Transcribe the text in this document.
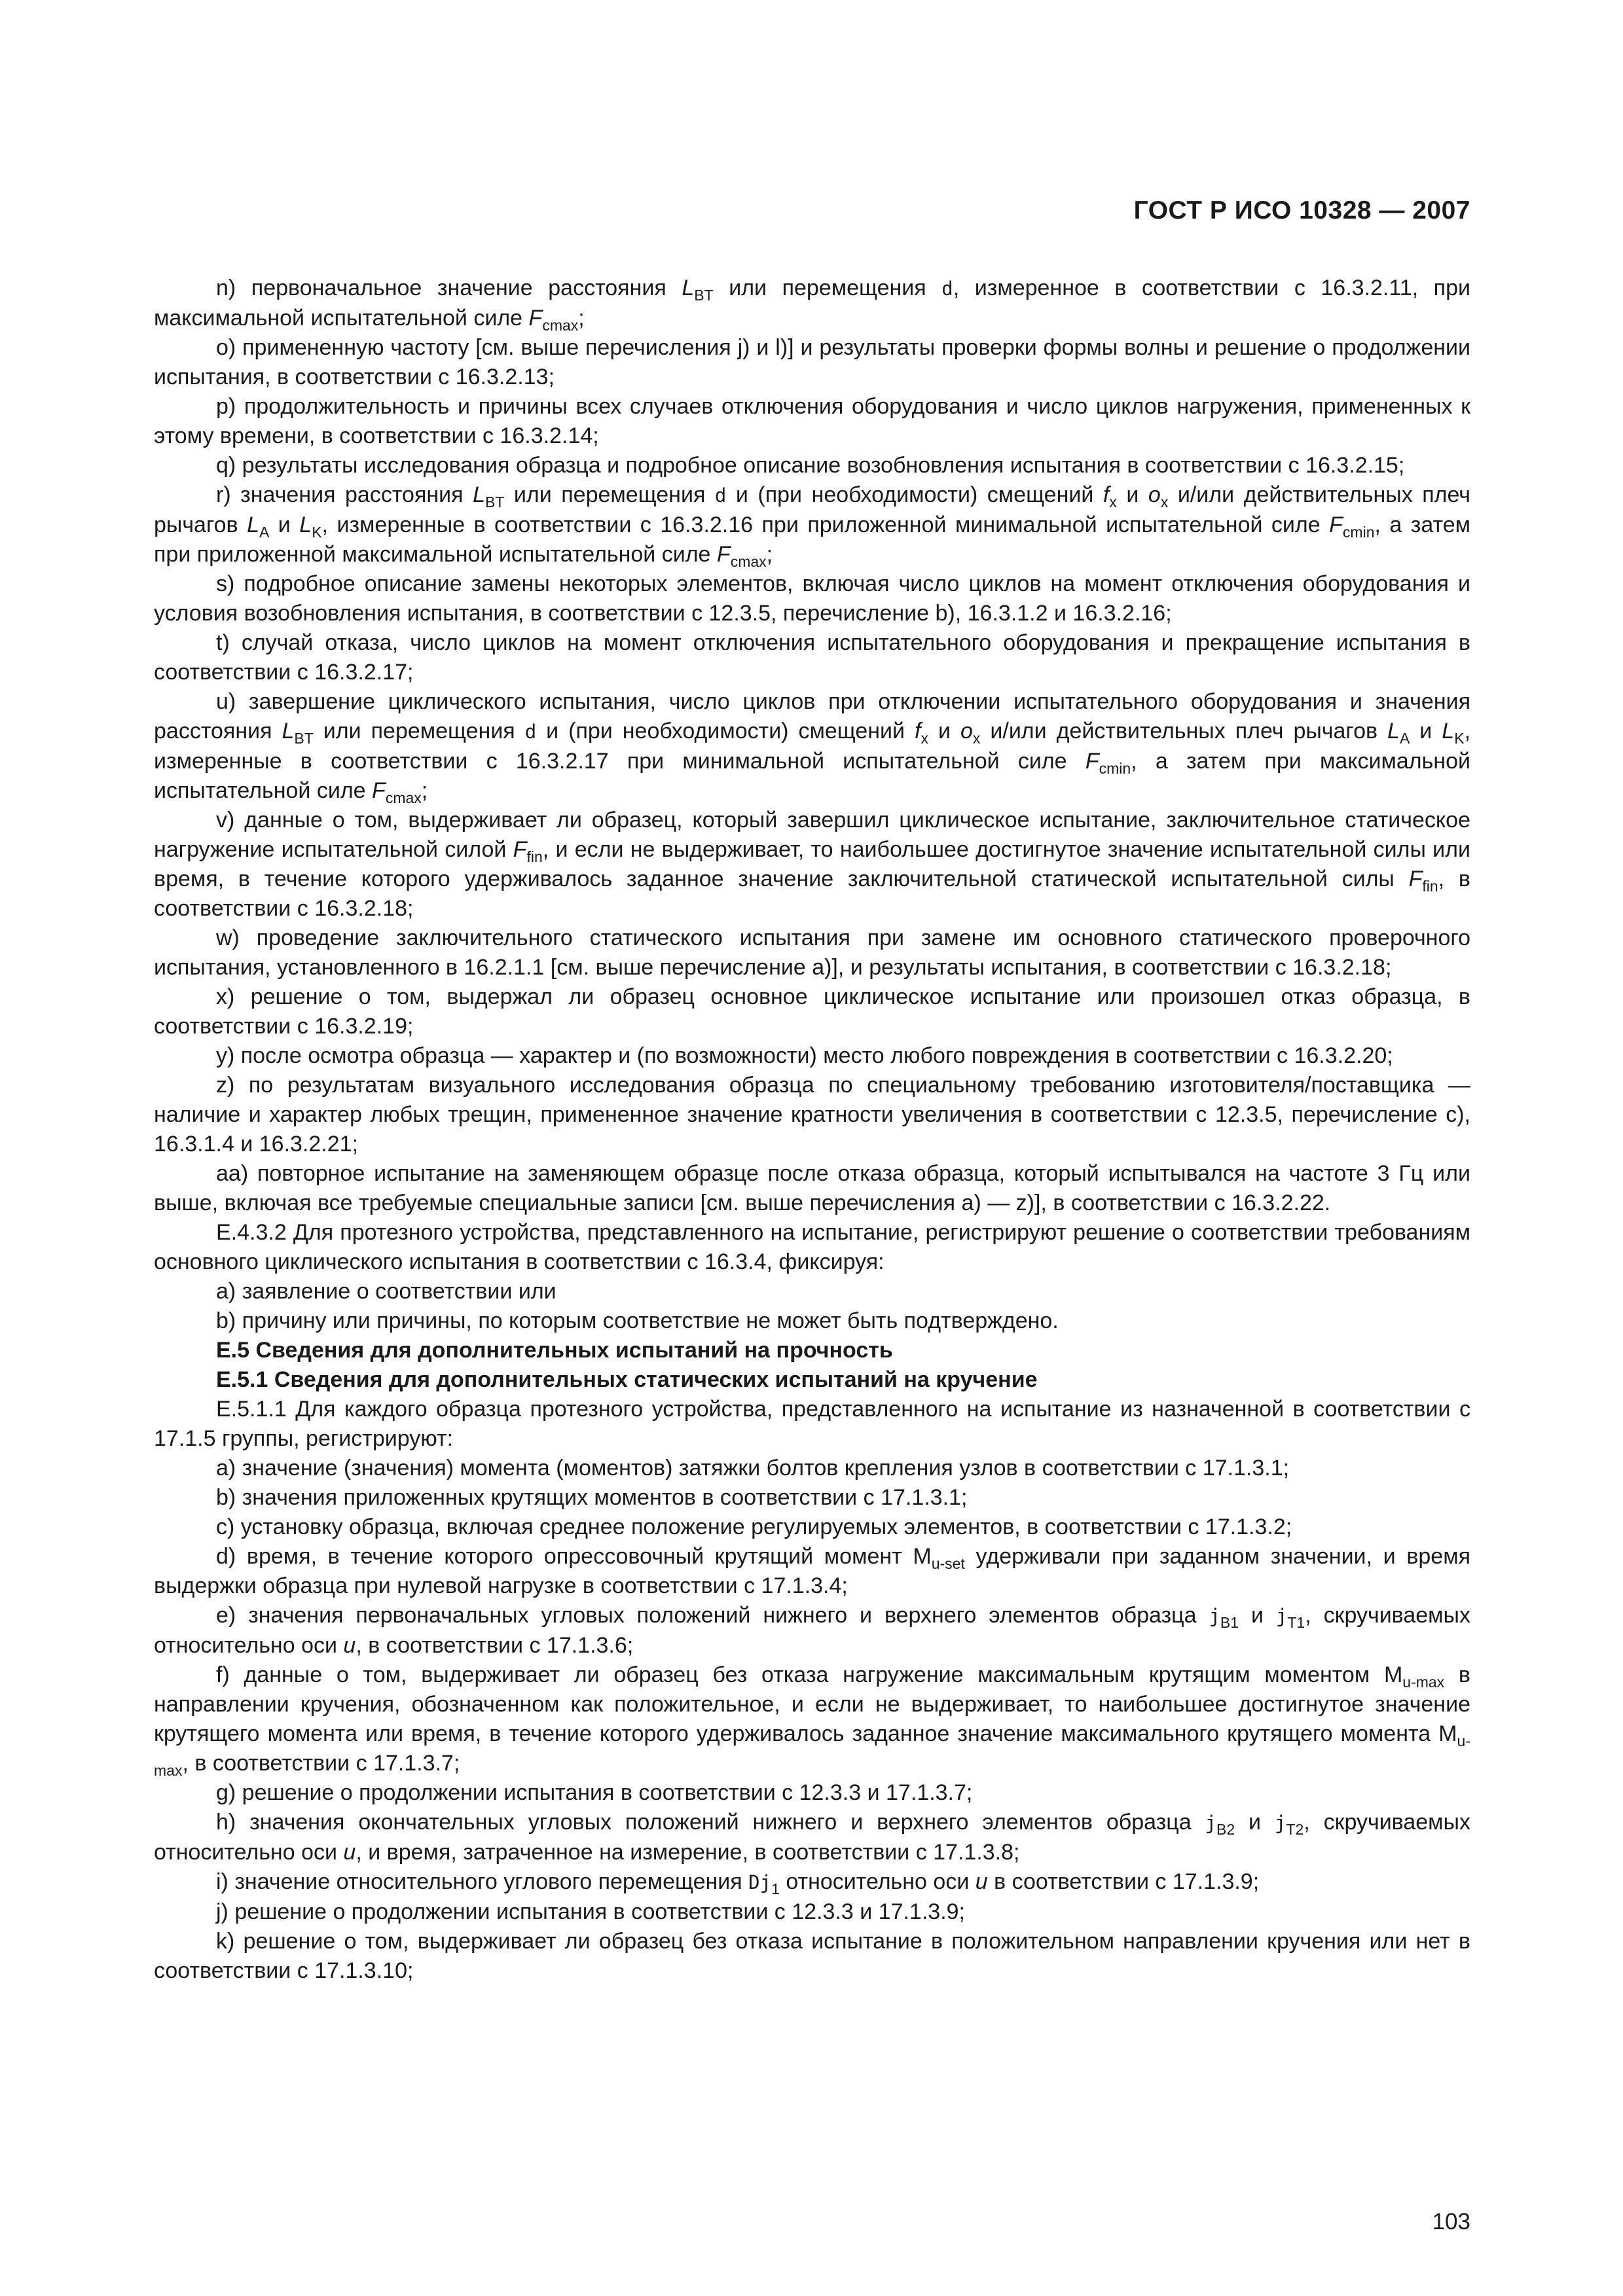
ГОСТ Р ИСО 10328 — 2007

n) первоначальное значение расстояния $L_{BT}$ или перемещения d, измеренное в соответствии с 16.3.2.11, при максимальной испытательной силе $F_{cmax}$;

o) примененную частоту [см. выше перечисления j) и l)] и результаты проверки формы волны и решение о продолжении испытания, в соответствии с 16.3.2.13;

p) продолжительность и причины всех случаев отключения оборудования и число циклов нагружения, примененных к этому времени, в соответствии с 16.3.2.14;

q) результаты исследования образца и подробное описание возобновления испытания в соответствии с 16.3.2.15;

r) значения расстояния $L_{BT}$ или перемещения d и (при необходимости) смещений $f_x$ и $o_x$ и/или действительных плеч рычагов $L_A$ и $L_K$, измеренные в соответствии с 16.3.2.16 при приложенной минимальной испытательной силе $F_{cmin}$, а затем при приложенной максимальной испытательной силе $F_{cmax}$;

s) подробное описание замены некоторых элементов, включая число циклов на момент отключения оборудования и условия возобновления испытания, в соответствии с 12.3.5, перечисление b), 16.3.1.2 и 16.3.2.16;

t) случай отказа, число циклов на момент отключения испытательного оборудования и прекращение испытания в соответствии с 16.3.2.17;

u) завершение циклического испытания, число циклов при отключении испытательного оборудования и значения расстояния $L_{BT}$ или перемещения d и (при необходимости) смещений $f_x$ и $o_x$ и/или действительных плеч рычагов $L_A$ и $L_K$, измеренные в соответствии с 16.3.2.17 при минимальной испытательной силе $F_{cmin}$, а затем при максимальной испытательной силе $F_{cmax}$;

v) данные о том, выдерживает ли образец, который завершил циклическое испытание, заключительное статическое нагружение испытательной силой $F_{fin}$, и если не выдерживает, то наибольшее достигнутое значение испытательной силы или время, в течение которого удерживалось заданное значение заключительной статической испытательной силы $F_{fin}$, в соответствии с 16.3.2.18;

w) проведение заключительного статического испытания при замене им основного статического проверочного испытания, установленного в 16.2.1.1 [см. выше перечисление a)], и результаты испытания, в соответствии с 16.3.2.18;

x) решение о том, выдержал ли образец основное циклическое испытание или произошел отказ образца, в соответствии с 16.3.2.19;

y) после осмотра образца — характер и (по возможности) место любого повреждения в соответствии с 16.3.2.20;

z) по результатам визуального исследования образца по специальному требованию изготовителя/поставщика — наличие и характер любых трещин, примененное значение кратности увеличения в соответствии с 12.3.5, перечисление c), 16.3.1.4 и 16.3.2.21;

aa) повторное испытание на заменяющем образце после отказа образца, который испытывался на частоте 3 Гц или выше, включая все требуемые специальные записи [см. выше перечисления a) — z)], в соответствии с 16.3.2.22.

E.4.3.2 Для протезного устройства, представленного на испытание, регистрируют решение о соответствии требованиям основного циклического испытания в соответствии с 16.3.4, фиксируя:

a) заявление о соответствии или

b) причину или причины, по которым соответствие не может быть подтверждено.

E.5 Сведения для дополнительных испытаний на прочность

E.5.1 Сведения для дополнительных статических испытаний на кручение

E.5.1.1 Для каждого образца протезного устройства, представленного на испытание из назначенной в соответствии с 17.1.5 группы, регистрируют:

a) значение (значения) момента (моментов) затяжки болтов крепления узлов в соответствии с 17.1.3.1;

b) значения приложенных крутящих моментов в соответствии с 17.1.3.1;

c) установку образца, включая среднее положение регулируемых элементов, в соответствии с 17.1.3.2;

d) время, в течение которого опрессовочный крутящий момент $M_{u-set}$ удерживали при заданном значении, и время выдержки образца при нулевой нагрузке в соответствии с 17.1.3.4;

e) значения первоначальных угловых положений нижнего и верхнего элементов образца $j_{B1}$ и $j_{T1}$, скручиваемых относительно оси u, в соответствии с 17.1.3.6;

f) данные о том, выдерживает ли образец без отказа нагружение максимальным крутящим моментом $M_{u-max}$ в направлении кручения, обозначенном как положительное, и если не выдерживает, то наибольшее достигнутое значение крутящего момента или время, в течение которого удерживалось заданное значение максимального крутящего момента $M_{u-max}$, в соответствии с 17.1.3.7;

g) решение о продолжении испытания в соответствии с 12.3.3 и 17.1.3.7;

h) значения окончательных угловых положений нижнего и верхнего элементов образца $j_{B2}$ и $j_{T2}$, скручиваемых относительно оси u, и время, затраченное на измерение, в соответствии с 17.1.3.8;

i) значение относительного углового перемещения $Dj_1$ относительно оси u в соответствии с 17.1.3.9;

j) решение о продолжении испытания в соответствии с 12.3.3 и 17.1.3.9;

k) решение о том, выдерживает ли образец без отказа испытание в положительном направлении кручения или нет в соответствии с 17.1.3.10;

103
